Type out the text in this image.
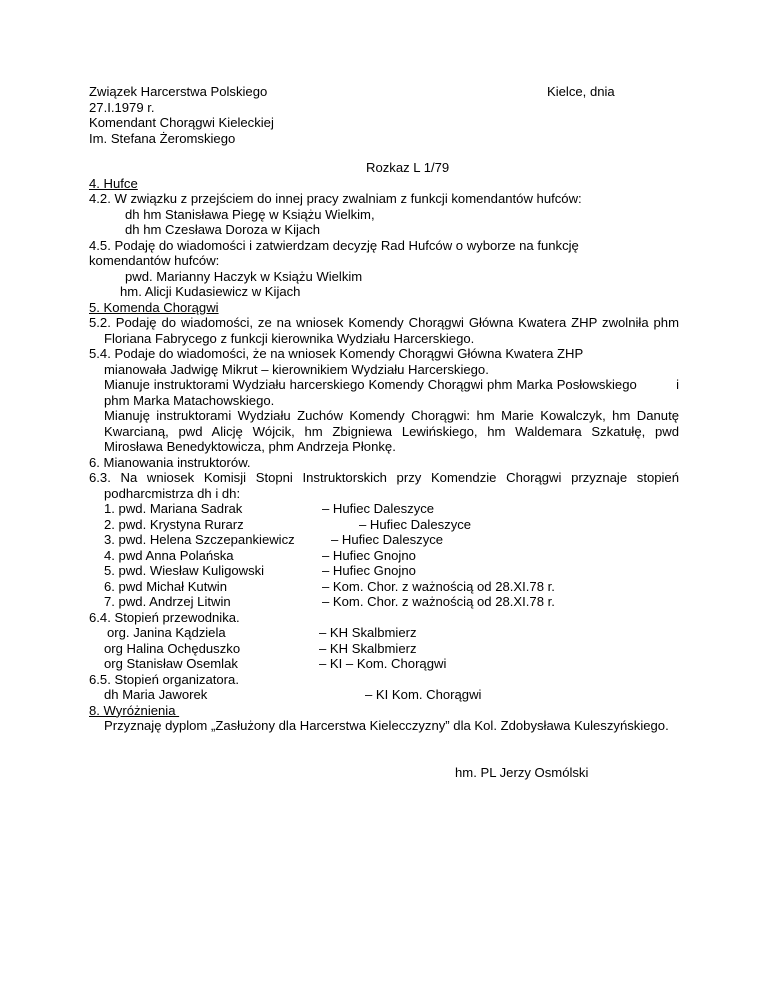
Związek Harcerstwa Polskiego
27.I.1979 r.
Komendant Chorągwi Kieleckiej
Im. Stefana Żeromskiego
Kielce, dnia
Rozkaz L 1/79
4. Hufce
4.2. W związku z przejściem do innej pracy zwalniam z funkcji komendantów hufców:
dh hm Stanisława Piegę w Książu Wielkim,
dh hm Czesława Doroza w Kijach
4.5. Podaję do wiadomości i zatwierdzam decyzję Rad Hufców o wyborze na funkcję
komendantów hufców:
pwd. Marianny Haczyk w Książu Wielkim
hm. Alicji Kudasiewicz w Kijach
5. Komenda Chorągwi
5.2. Podaję do wiadomości, ze na wniosek Komendy Chorągwi Główna Kwatera ZHP zwolniła phm    Floriana Fabrycego z funkcji kierownika Wydziału Harcerskiego.
5.4. Podaje do wiadomości, że na wniosek Komendy Chorągwi Główna Kwatera ZHP
mianowała Jadwigę Mikrut – kierownikiem Wydziału Harcerskiego.
Mianuje instruktorami Wydziału harcerskiego Komendy Chorągwi phm Marka Posłowskiego          i phm Marka Matachowskiego.
Mianuję instruktorami Wydziału Zuchów Komendy Chorągwi: hm Marie Kowalczyk, hm Danutę Kwarcianą, pwd Alicję Wójcik, hm Zbigniewa Lewińskiego, hm Waldemara Szkatułę, pwd Mirosława Benedyktowicza, phm Andrzeja Płonkę.
6. Mianowania instruktorów.
6.3. Na wniosek Komisji Stopni Instruktorskich przy Komendzie Chorągwi przyznaje stopień podharcmistrza dh i dh:
1. pwd. Mariana Sadrak	– Hufiec Daleszyce
2. pwd. Krystyna Rurarz	– Hufiec Daleszyce
3. pwd. Helena Szczepankiewicz	– Hufiec Daleszyce
4. pwd Anna Polańska	– Hufiec Gnojno
5. pwd. Wiesław Kuligowski	– Hufiec Gnojno
6. pwd Michał Kutwin	– Kom. Chor. z ważnością od 28.XI.78 r.
7. pwd. Andrzej Litwin	– Kom. Chor. z ważnością od 28.XI.78 r.
6.4. Stopień przewodnika.
org. Janina Kądziela	– KH Skalbmierz
org Halina Ochęduszko	– KH Skalbmierz
org Stanisław Osemlak	– KI – Kom. Chorągwi
6.5. Stopień organizatora.
dh Maria Jaworek	– KI Kom. Chorągwi
8. Wyróżnienia
Przyznaję dyplom „Zasłużony dla Harcerstwa Kielecczyzny” dla Kol. Zdobysława Kuleszyńskiego.
hm. PL Jerzy Osmólski
